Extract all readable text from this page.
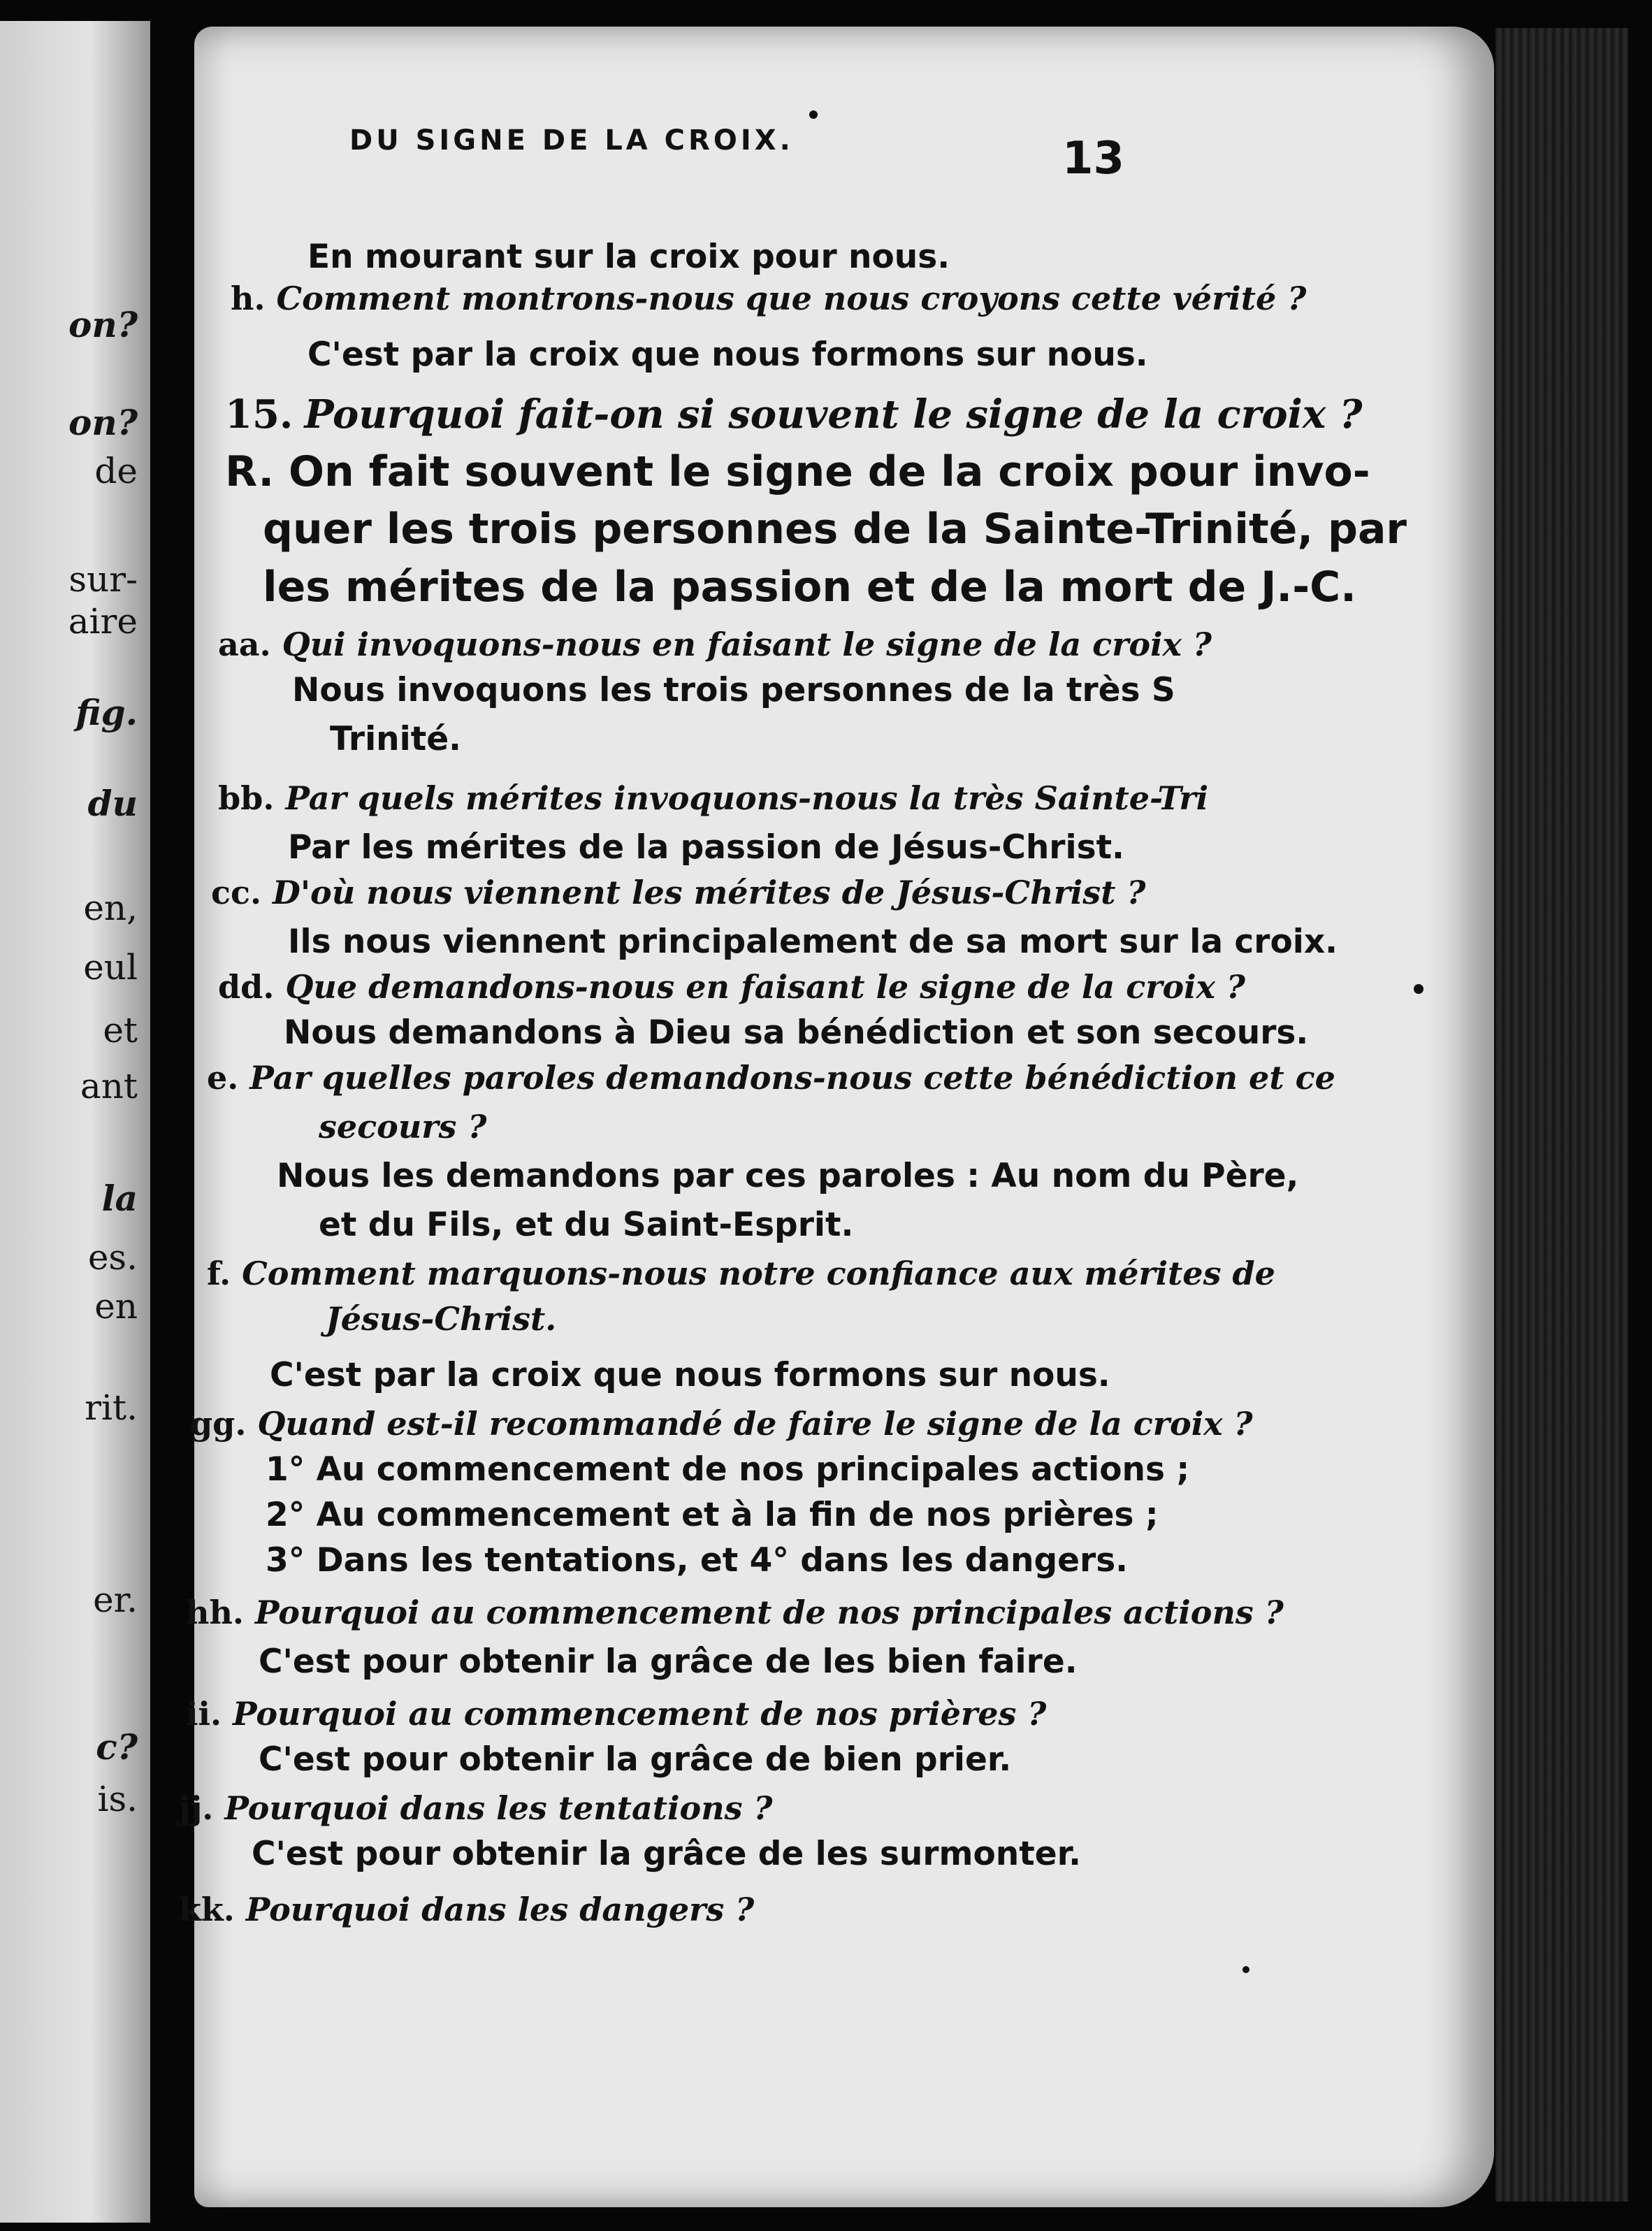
on?
on?
de
sur-
aire
fig.
du
en,
eul
et
ant
la
es.
en
rit.
er.
c?
is.
DU SIGNE DE LA CROIX.	13
En mourant sur la croix pour nous.
h. Comment montrons-nous que nous croyons cette vérité ?
C'est par la croix que nous formons sur nous.
15. Pourquoi fait-on si souvent le signe de la croix ?
R. On fait souvent le signe de la croix pour invo-
quer les trois personnes de la Sainte-Trinité, par
les mérites de la passion et de la mort de J.-C.
aa. Qui invoquons-nous en faisant le signe de la croix ?
Nous invoquons les trois personnes de la très S
Trinité.
bb. Par quels mérites invoquons-nous la très Sainte-Tri
Par les mérites de la passion de Jésus-Christ.
cc. D'où nous viennent les mérites de Jésus-Christ ?
Ils nous viennent principalement de sa mort sur la croix.
dd. Que demandons-nous en faisant le signe de la croix ?
Nous demandons à Dieu sa bénédiction et son secours.
e. Par quelles paroles demandons-nous cette bénédiction et ce
secours ?
Nous les demandons par ces paroles : Au nom du Père,
et du Fils, et du Saint-Esprit.
f. Comment marquons-nous notre confiance aux mérites de
Jésus-Christ.
C'est par la croix que nous formons sur nous.
gg. Quand est-il recommandé de faire le signe de la croix ?
1° Au commencement de nos principales actions ;
2° Au commencement et à la fin de nos prières ;
3° Dans les tentations, et 4° dans les dangers.
hh. Pourquoi au commencement de nos principales actions ?
C'est pour obtenir la grâce de les bien faire.
ii. Pourquoi au commencement de nos prières ?
C'est pour obtenir la grâce de bien prier.
jj. Pourquoi dans les tentations ?
C'est pour obtenir la grâce de les surmonter.
kk. Pourquoi dans les dangers ?
